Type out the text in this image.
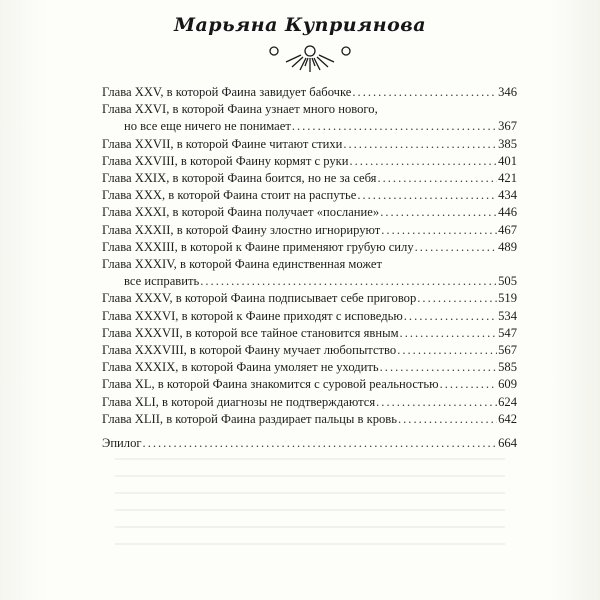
Марьяна Куприянова
Глава XXV, в которой Фаина завидует бабочке .....	346
Глава XXVI, в которой Фаина узнает много нового,
но все еще ничего не понимает .....	367
Глава XXVII, в которой Фаине читают стихи .....	385
Глава XXVIII, в которой Фаину кормят с руки .....	401
Глава XXIX, в которой Фаина боится, но не за себя .....	421
Глава XXX, в которой Фаина стоит на распутье .....	434
Глава XXXI, в которой Фаина получает «послание» .....	446
Глава XXXII, в которой Фаину злостно игнорируют .....	467
Глава XXXIII, в которой к Фаине применяют грубую силу .....	489
Глава XXXIV, в которой Фаина единственная может
все исправить .....	505
Глава XXXV, в которой Фаина подписывает себе приговор .....	519
Глава XXXVI, в которой к Фаине приходят с исповедью .....	534
Глава XXXVII, в которой все тайное становится явным .....	547
Глава XXXVIII, в которой Фаину мучает любопытство .....	567
Глава XXXIX, в которой Фаина умоляет не уходить .....	585
Глава XL, в которой Фаина знакомится с суровой реальностью .....	609
Глава XLI, в которой диагнозы не подтверждаются .....	624
Глава XLII, в которой Фаина раздирает пальцы в кровь .....	642
Эпилог .....	664
